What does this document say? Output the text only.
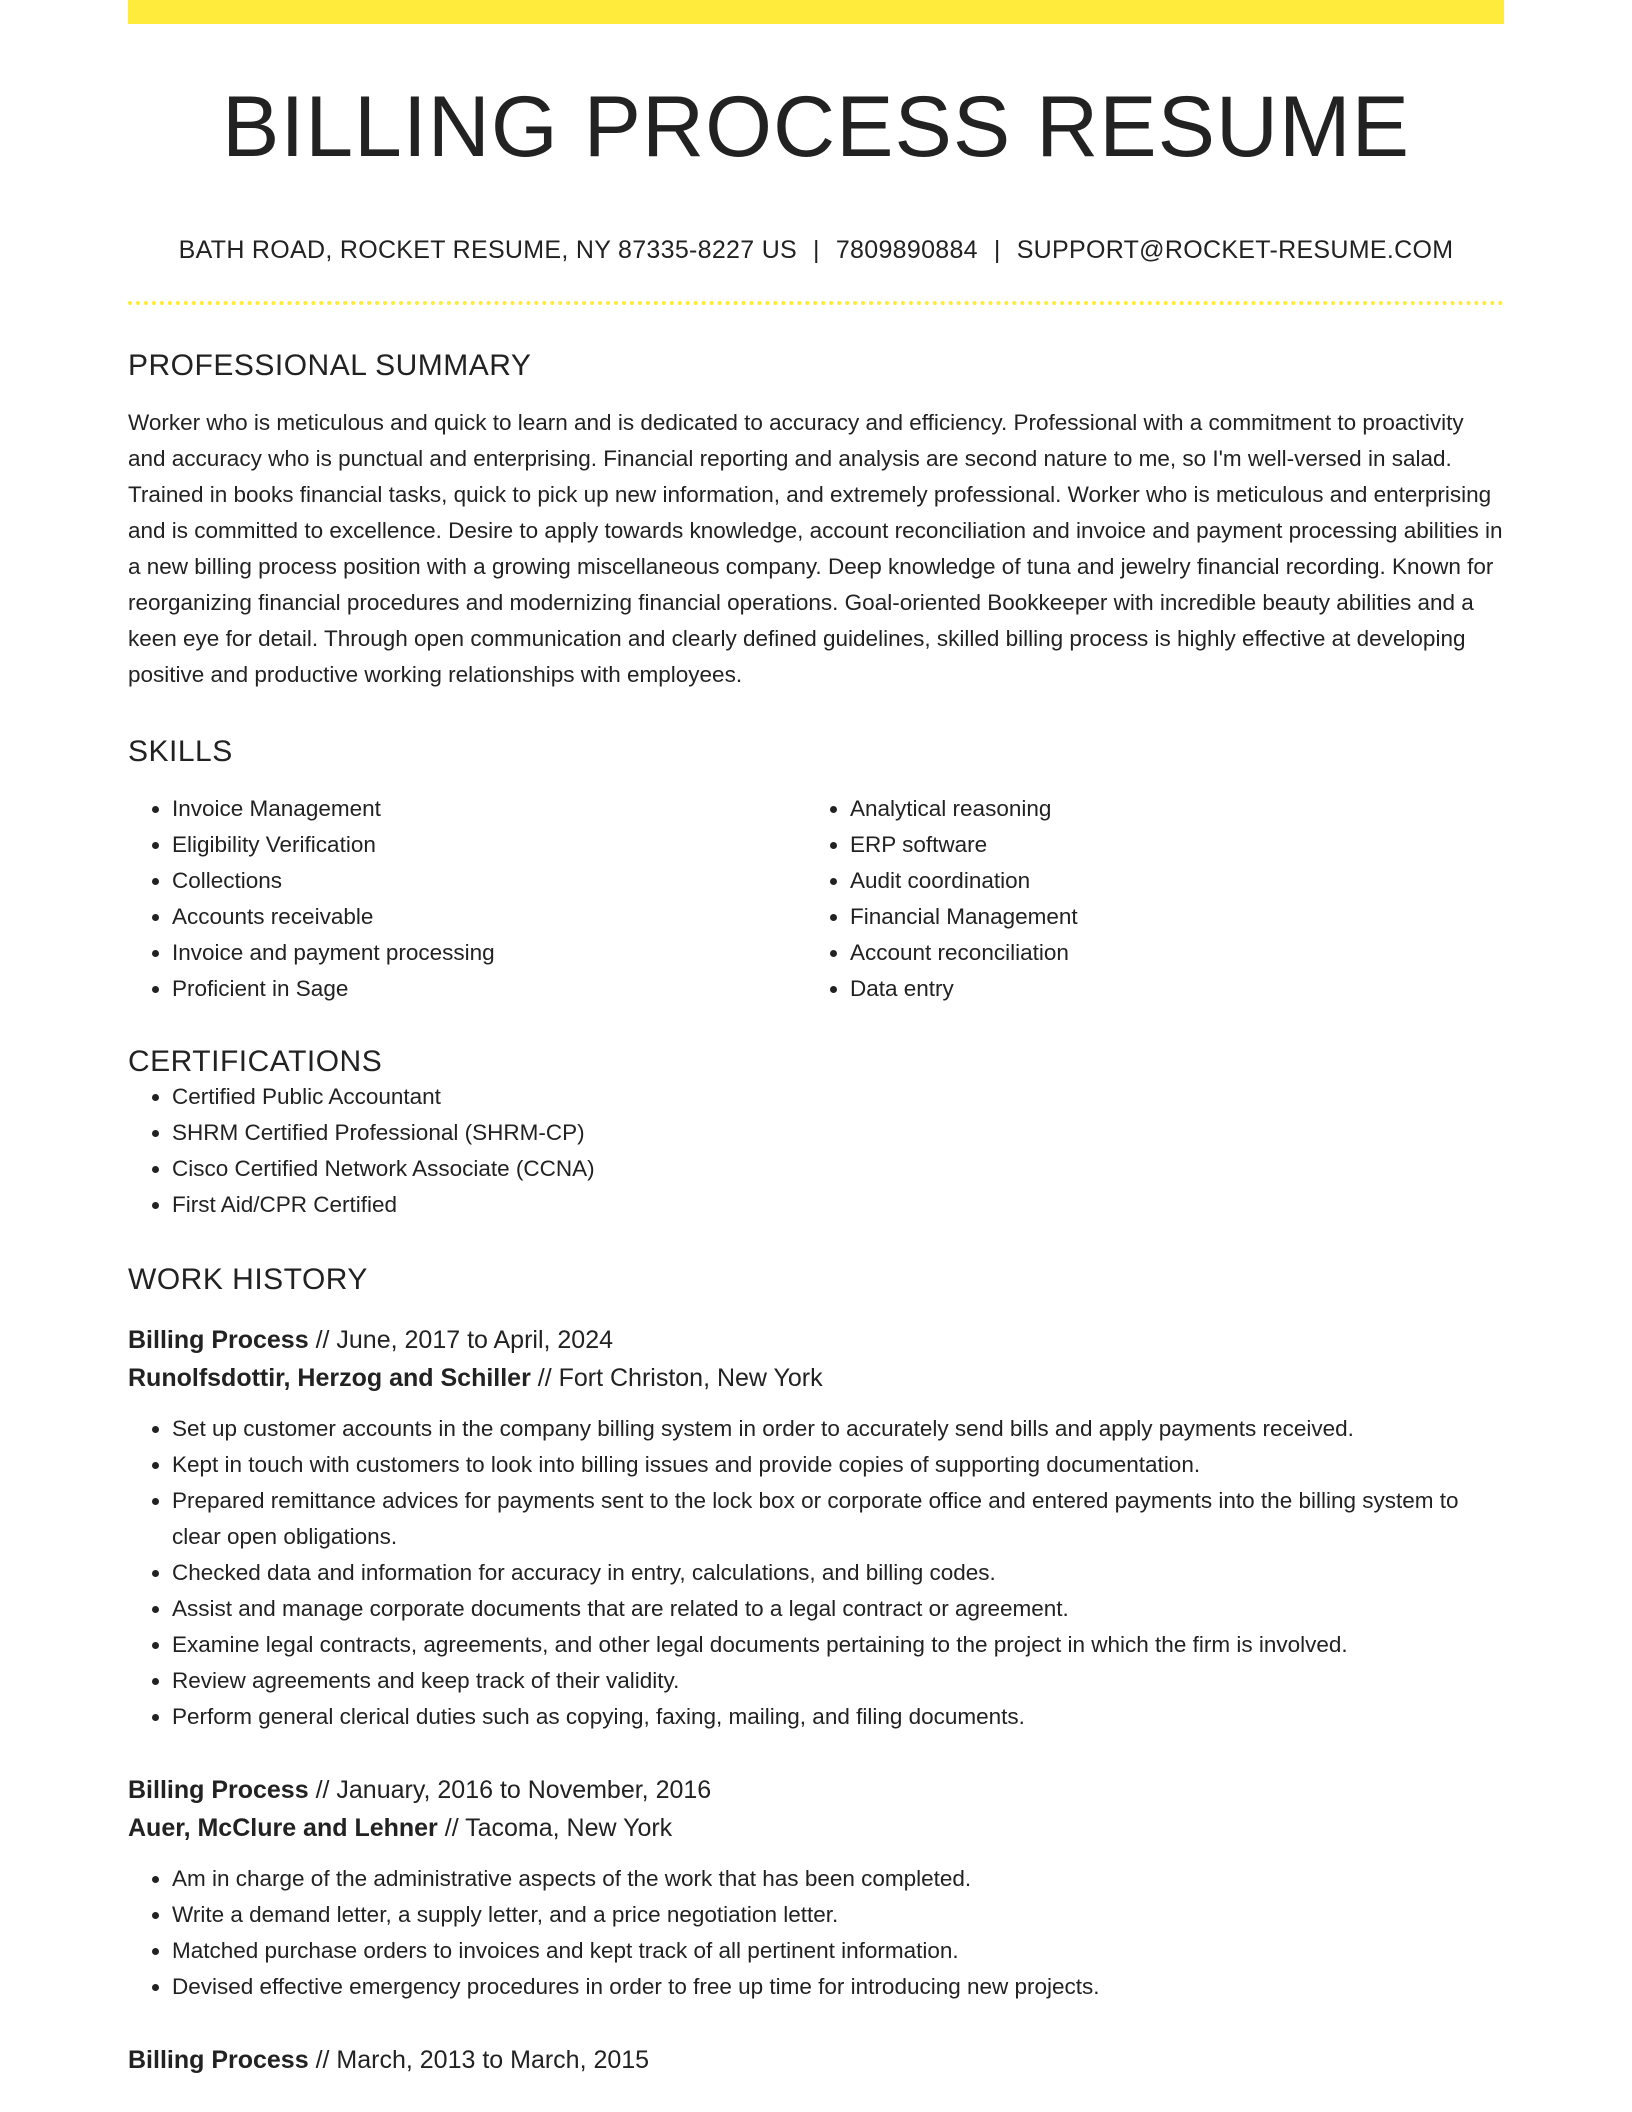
BILLING PROCESS RESUME
BATH ROAD, ROCKET RESUME, NY 87335-8227 US | 7809890884 | SUPPORT@ROCKET-RESUME.COM
PROFESSIONAL SUMMARY

Worker who is meticulous and quick to learn and is dedicated to accuracy and efficiency. Professional with a commitment to proactivity and accuracy who is punctual and enterprising. Financial reporting and analysis are second nature to me, so I'm well-versed in salad. Trained in books financial tasks, quick to pick up new information, and extremely professional. Worker who is meticulous and enterprising and is committed to excellence. Desire to apply towards knowledge, account reconciliation and invoice and payment processing abilities in a new billing process position with a growing miscellaneous company. Deep knowledge of tuna and jewelry financial recording. Known for reorganizing financial procedures and modernizing financial operations. Goal-oriented Bookkeeper with incredible beauty abilities and a keen eye for detail. Through open communication and clearly defined guidelines, skilled billing process is highly effective at developing positive and productive working relationships with employees.

SKILLS
• Invoice Management
• Eligibility Verification
• Collections
• Accounts receivable
• Invoice and payment processing
• Proficient in Sage
• Analytical reasoning
• ERP software
• Audit coordination
• Financial Management
• Account reconciliation
• Data entry
CERTIFICATIONS
• Certified Public Accountant
• SHRM Certified Professional (SHRM-CP)
• Cisco Certified Network Associate (CCNA)
• First Aid/CPR Certified
WORK HISTORY
Billing Process // June, 2017 to April, 2024
Runolfsdottir, Herzog and Schiller // Fort Christon, New York
• Set up customer accounts in the company billing system in order to accurately send bills and apply payments received.
• Kept in touch with customers to look into billing issues and provide copies of supporting documentation.
• Prepared remittance advices for payments sent to the lock box or corporate office and entered payments into the billing system to clear open obligations.
• Checked data and information for accuracy in entry, calculations, and billing codes.
• Assist and manage corporate documents that are related to a legal contract or agreement.
• Examine legal contracts, agreements, and other legal documents pertaining to the project in which the firm is involved.
• Review agreements and keep track of their validity.
• Perform general clerical duties such as copying, faxing, mailing, and filing documents.
Billing Process // January, 2016 to November, 2016
Auer, McClure and Lehner // Tacoma, New York
• Am in charge of the administrative aspects of the work that has been completed.
• Write a demand letter, a supply letter, and a price negotiation letter.
• Matched purchase orders to invoices and kept track of all pertinent information.
• Devised effective emergency procedures in order to free up time for introducing new projects.
Billing Process // March, 2013 to March, 2015
